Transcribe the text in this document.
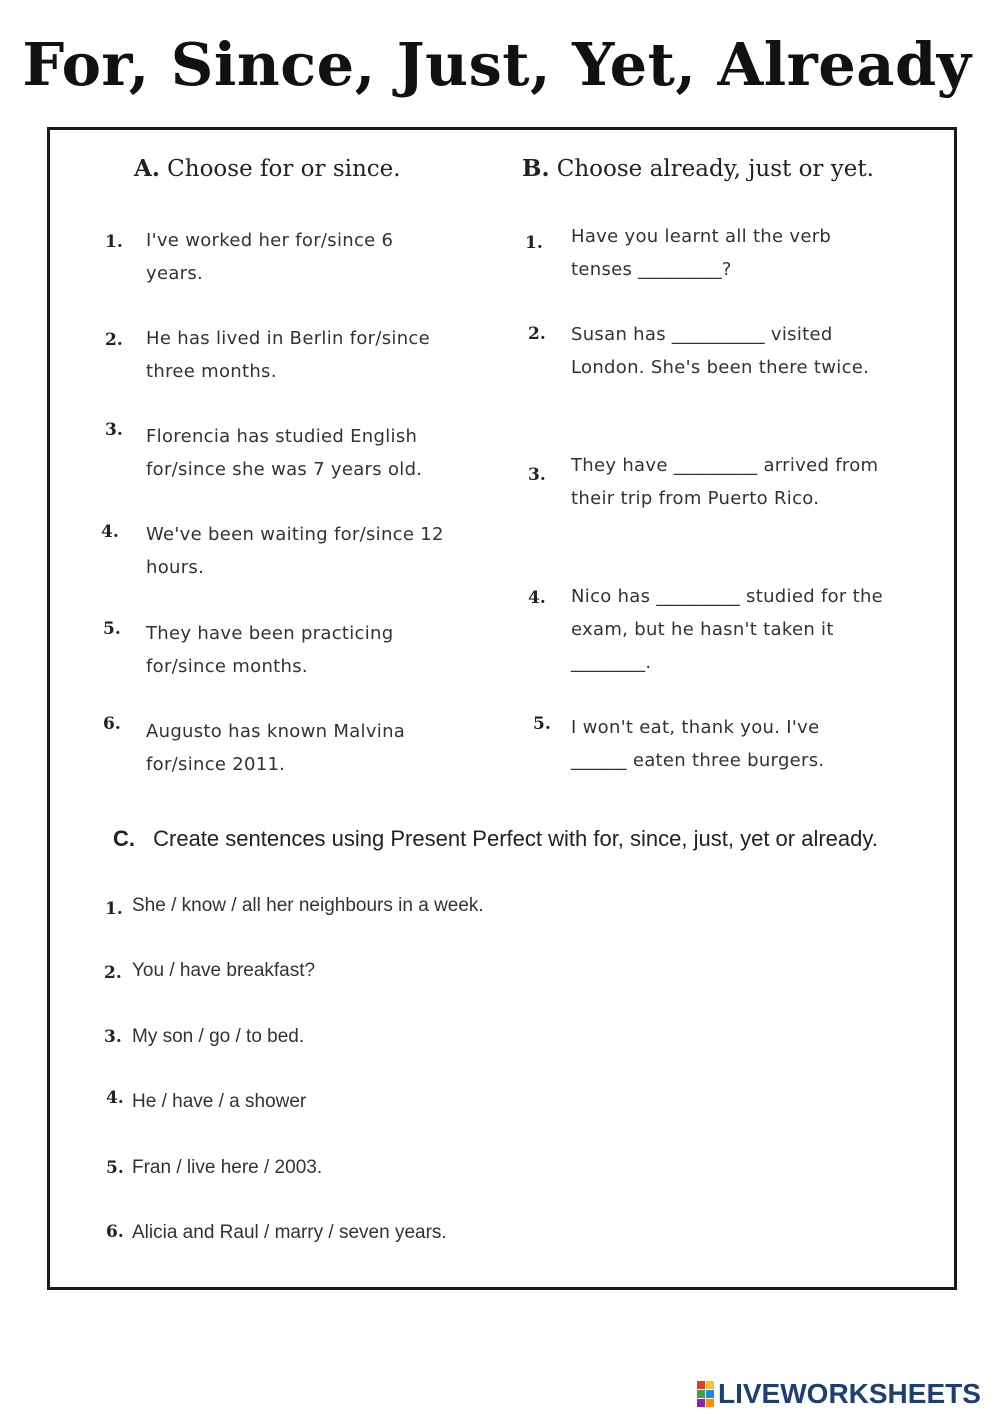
For, Since, Just, Yet, Already
A. Choose for or since.
1. I've worked her for/since 6 years.
2. He has lived in Berlin for/since three months.
3. Florencia has studied English for/since she was 7 years old.
4. We've been waiting for/since 12 hours.
5. They have been practicing for/since months.
6. Augusto has known Malvina for/since 2011.
B. Choose already, just or yet.
1. Have you learnt all the verb tenses _________?
2. Susan has __________ visited London. She's been there twice.
3. They have _________ arrived from their trip from Puerto Rico.
4. Nico has _________ studied for the exam, but he hasn't taken it ________.
5. I won't eat, thank you. I've ______ eaten three burgers.
C. Create sentences using Present Perfect with for, since, just, yet or already.
1. She / know / all her neighbours in a week.
2. You / have breakfast?
3. My son / go / to bed.
4. He / have / a shower
5. Fran / live here / 2003.
6. Alicia and Raul / marry / seven years.
LIVEWORKSHEETS
